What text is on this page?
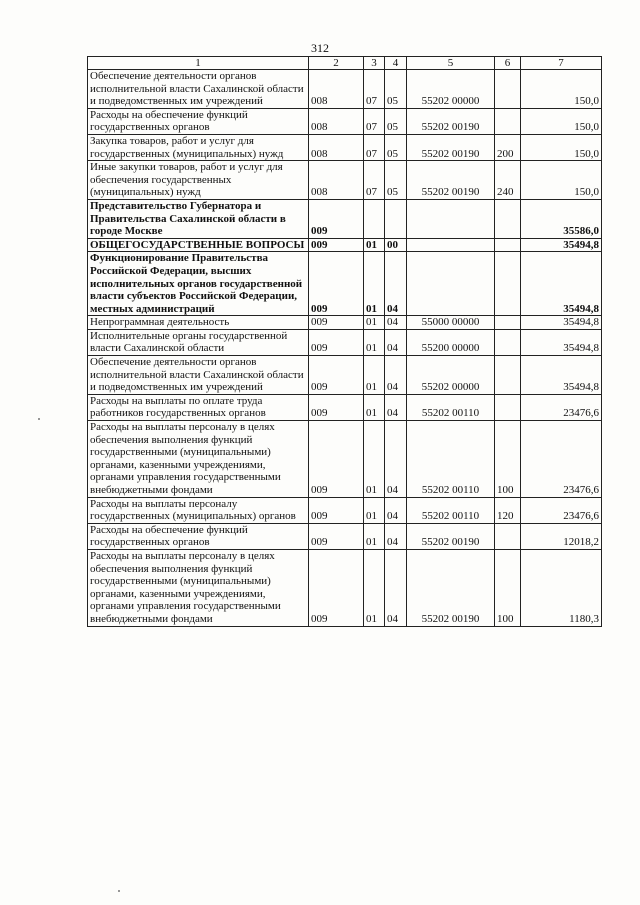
312
1	2	3	4	5	6	7
Обеспечение деятельности органов исполнительной власти Сахалинской области и подведомственных им учреждений	008	07	05	55202 00000		150,0
Расходы на обеспечение функций государственных органов	008	07	05	55202 00190		150,0
Закупка товаров, работ и услуг для государственных (муниципальных) нужд	008	07	05	55202 00190	200	150,0
Иные закупки товаров, работ и услуг для обеспечения государственных (муниципальных) нужд	008	07	05	55202 00190	240	150,0
Представительство Губернатора и Правительства Сахалинской области в городе Москве	009					35586,0
ОБЩЕГОСУДАРСТВЕННЫЕ ВОПРОСЫ	009	01	00			35494,8
Функционирование Правительства Российской Федерации, высших исполнительных органов государственной власти субъектов Российской Федерации, местных администраций	009	01	04			35494,8
Непрограммная деятельность	009	01	04	55000 00000		35494,8
Исполнительные органы государственной власти Сахалинской области	009	01	04	55200 00000		35494,8
Обеспечение деятельности органов исполнительной власти Сахалинской области и подведомственных им учреждений	009	01	04	55202 00000		35494,8
Расходы на выплаты по оплате труда работников государственных органов	009	01	04	55202 00110		23476,6
Расходы на выплаты персоналу в целях обеспечения выполнения функций государственными (муниципальными) органами, казенными учреждениями, органами управления государственными внебюджетными фондами	009	01	04	55202 00110	100	23476,6
Расходы на выплаты персоналу государственных (муниципальных) органов	009	01	04	55202 00110	120	23476,6
Расходы на обеспечение функций государственных органов	009	01	04	55202 00190		12018,2
Расходы на выплаты персоналу в целях обеспечения выполнения функций государственными (муниципальными) органами, казенными учреждениями, органами управления государственными внебюджетными фондами	009	01	04	55202 00190	100	1180,3
